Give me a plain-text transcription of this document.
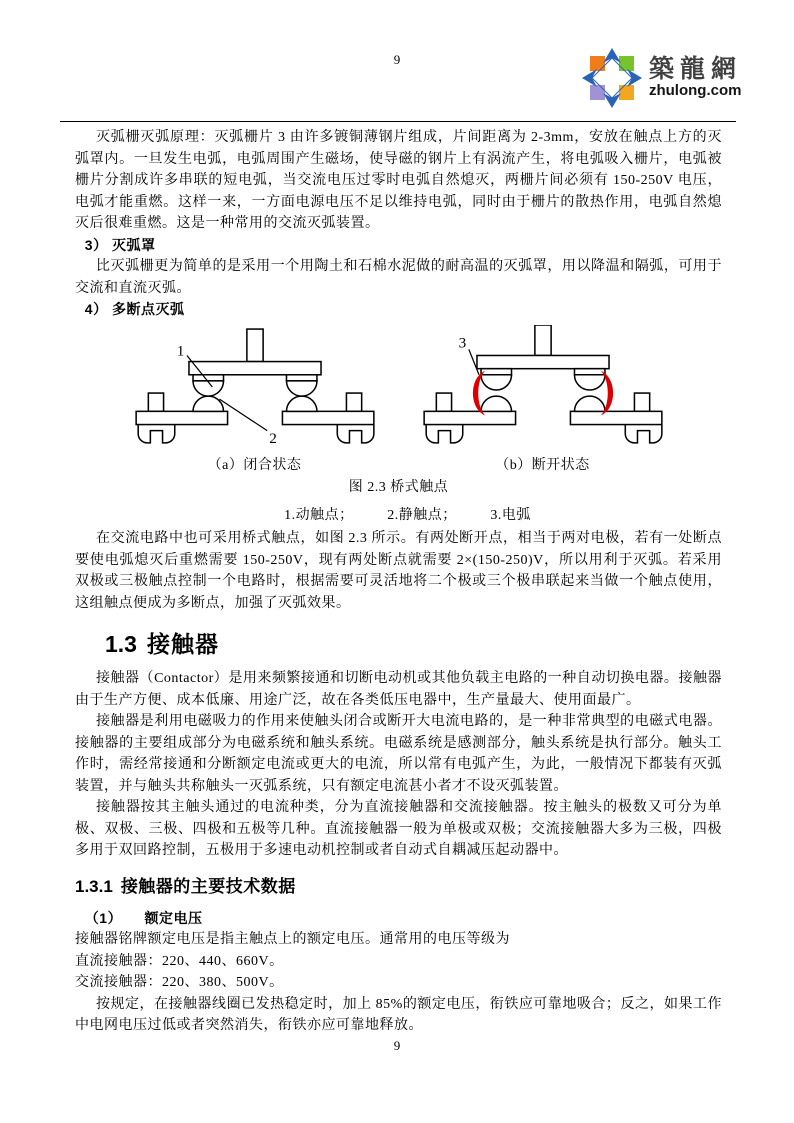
9	築龍網
zhulong.com

灭弧栅灭弧原理：灭弧栅片 3 由许多镀铜薄钢片组成，片间距离为 2-3mm，安放在触点上方的灭弧罩内。一旦发生电弧，电弧周围产生磁场，使导磁的钢片上有涡流产生，将电弧吸入栅片，电弧被栅片分割成许多串联的短电弧，当交流电压过零时电弧自然熄灭，两栅片间必须有 150-250V 电压，电弧才能重燃。这样一来，一方面电源电压不足以维持电弧，同时由于栅片的散热作用，电弧自然熄灭后很难重燃。这是一种常用的交流灭弧装置。

3） 灭弧罩

比灭弧栅更为简单的是采用一个用陶土和石棉水泥做的耐高温的灭弧罩，用以降温和隔弧，可用于交流和直流灭弧。

4） 多断点灭弧

1
2
3
（a）闭合状态	（b）断开状态
图 2.3 桥式触点
1.动触点； 2.静触点； 3.电弧

在交流电路中也可采用桥式触点，如图 2.3 所示。有两处断开点，相当于两对电极，若有一处断点要使电弧熄灭后重燃需要 150-250V，现有两处断点就需要 2×(150-250)V，所以用利于灭弧。若采用双极或三极触点控制一个电路时，根据需要可灵活地将二个极或三个极串联起来当做一个触点使用，这组触点便成为多断点，加强了灭弧效果。

1.3 接触器

接触器（Contactor）是用来频繁接通和切断电动机或其他负载主电路的一种自动切换电器。接触器由于生产方便、成本低廉、用途广泛，故在各类低压电器中，生产量最大、使用面最广。

接触器是利用电磁吸力的作用来使触头闭合或断开大电流电路的，是一种非常典型的电磁式电器。接触器的主要组成部分为电磁系统和触头系统。电磁系统是感测部分，触头系统是执行部分。触头工作时，需经常接通和分断额定电流或更大的电流，所以常有电弧产生，为此，一般情况下都装有灭弧装置，并与触头共称触头一灭弧系统，只有额定电流甚小者才不设灭弧装置。

接触器按其主触头通过的电流种类，分为直流接触器和交流接触器。按主触头的极数又可分为单极、双极、三极、四极和五极等几种。直流接触器一般为单极或双极；交流接触器大多为三极，四极多用于双回路控制，五极用于多速电动机控制或者自动式自耦减压起动器中。

1.3.1 接触器的主要技术数据

（1） 额定电压

接触器铭牌额定电压是指主触点上的额定电压。通常用的电压等级为

直流接触器：220、440、660V。

交流接触器：220、380、500V。

按规定，在接触器线圈已发热稳定时，加上 85%的额定电压，衔铁应可靠地吸合；反之，如果工作中电网电压过低或者突然消失，衔铁亦应可靠地释放。

9
